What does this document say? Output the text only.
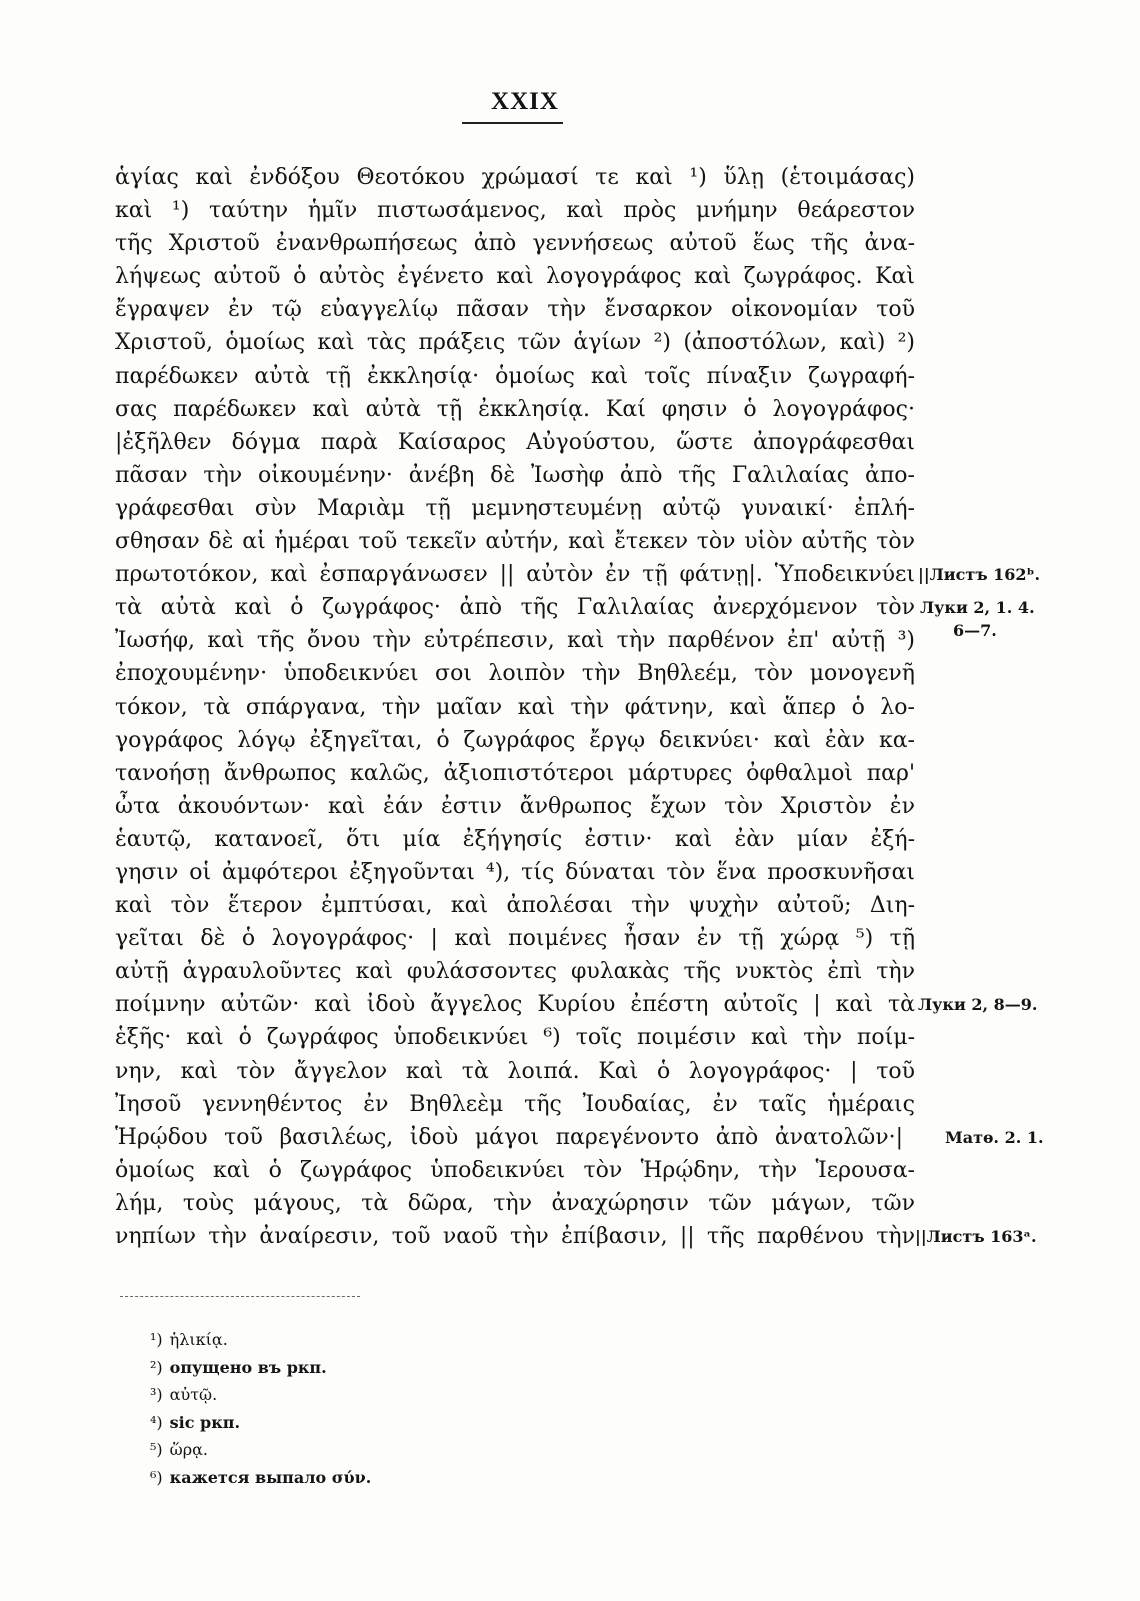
XXIX
ἁγίας καὶ ἐνδόξου Θεοτόκου χρώμασί τε καὶ ¹) ὕλῃ (ἑτοιμάσας)
καὶ ¹) ταύτην ἡμῖν πιστωσάμενος, καὶ πρὸς μνήμην θεάρεστον
τῆς Χριστοῦ ἐνανθρωπήσεως ἀπὸ γεννήσεως αὐτοῦ ἕως τῆς ἀνα-
λήψεως αὐτοῦ ὁ αὐτὸς ἐγένετο καὶ λογογράφος καὶ ζωγράφος. Καὶ
ἔγραψεν ἐν τῷ εὐαγγελίῳ πᾶσαν τὴν ἔνσαρκον οἰκονομίαν τοῦ
Χριστοῦ, ὁμοίως καὶ τὰς πράξεις τῶν ἁγίων ²) (ἀποστόλων, καὶ) ²)
παρέδωκεν αὐτὰ τῇ ἐκκλησίᾳ· ὁμοίως καὶ τοῖς πίναξιν ζωγραφή-
σας παρέδωκεν καὶ αὐτὰ τῇ ἐκκλησίᾳ. Καί φησιν ὁ λογογράφος·
|ἐξῆλθεν δόγμα παρὰ Καίσαρος Αὐγούστου, ὥστε ἀπογράφεσθαι
πᾶσαν τὴν οἰκουμένην· ἀνέβη δὲ Ἰωσὴφ ἀπὸ τῆς Γαλιλαίας ἀπο-
γράφεσθαι σὺν Μαριὰμ τῇ μεμνηστευμένῃ αὐτῷ γυναικί· ἐπλή-
σθησαν δὲ αἱ ἡμέραι τοῦ τεκεῖν αὐτήν, καὶ ἔτεκεν τὸν υἱὸν αὐτῆς τὸν
πρωτοτόκον, καὶ ἐσπαργάνωσεν || αὐτὸν ἐν τῇ φάτνῃ|. Ὑποδεικνύει
τὰ αὐτὰ καὶ ὁ ζωγράφος· ἀπὸ τῆς Γαλιλαίας ἀνερχόμενον τὸν
Ἰωσήφ, καὶ τῆς ὄνου τὴν εὐτρέπεσιν, καὶ τὴν παρθένον ἐπ' αὐτῇ ³)
ἐποχουμένην· ὑποδεικνύει σοι λοιπὸν τὴν Βηθλεέμ, τὸν μονογενῆ
τόκον, τὰ σπάργανα, τὴν μαῖαν καὶ τὴν φάτνην, καὶ ἅπερ ὁ λο-
γογράφος λόγῳ ἐξηγεῖται, ὁ ζωγράφος ἔργῳ δεικνύει· καὶ ἐὰν κα-
τανοήσῃ ἄνθρωπος καλῶς, ἀξιοπιστότεροι μάρτυρες ὀφθαλμοὶ παρ'
ὦτα ἀκουόντων· καὶ ἐάν ἐστιν ἄνθρωπος ἔχων τὸν Χριστὸν ἐν
ἑαυτῷ, κατανοεῖ, ὅτι μία ἐξήγησίς ἐστιν· καὶ ἐὰν μίαν ἐξή-
γησιν οἱ ἀμφότεροι ἐξηγοῦνται ⁴), τίς δύναται τὸν ἕνα προσκυνῆσαι
καὶ τὸν ἕτερον ἐμπτύσαι, καὶ ἀπολέσαι τὴν ψυχὴν αὐτοῦ; Διη-
γεῖται δὲ ὁ λογογράφος· | καὶ ποιμένες ἦσαν ἐν τῇ χώρᾳ ⁵) τῇ
αὐτῇ ἀγραυλοῦντες καὶ φυλάσσοντες φυλακὰς τῆς νυκτὸς ἐπὶ τὴν
ποίμνην αὐτῶν· καὶ ἰδοὺ ἄγγελος Κυρίου ἐπέστη αὐτοῖς | καὶ τὰ
ἑξῆς· καὶ ὁ ζωγράφος ὑποδεικνύει ⁶) τοῖς ποιμέσιν καὶ τὴν ποίμ-
νην, καὶ τὸν ἄγγελον καὶ τὰ λοιπά. Καὶ ὁ λογογράφος· | τοῦ
Ἰησοῦ γεννηθέντος ἐν Βηθλεὲμ τῆς Ἰουδαίας, ἐν ταῖς ἡμέραις
Ἡρῴδου τοῦ βασιλέως, ἰδοὺ μάγοι παρεγένοντο ἀπὸ ἀνατολῶν·|
ὁμοίως καὶ ὁ ζωγράφος ὑποδεικνύει τὸν Ἡρῴδην, τὴν Ἱερουσα-
λήμ, τοὺς μάγους, τὰ δῶρα, τὴν ἀναχώρησιν τῶν μάγων, τῶν
νηπίων τὴν ἀναίρεσιν, τοῦ ναοῦ τὴν ἐπίβασιν, || τῆς παρθένου τὴν
||Листъ 162ᵇ.
Луки 2, 1. 4.
6—7.
Луки 2, 8—9.
Матѳ. 2. 1.
||Листъ 163ᵃ.
¹) ἡλικίᾳ.
²) опущено въ ркп.
³) αὐτῷ.
⁴) sic ркп.
⁵) ὥρᾳ.
⁶) кажется выпало σύν.
